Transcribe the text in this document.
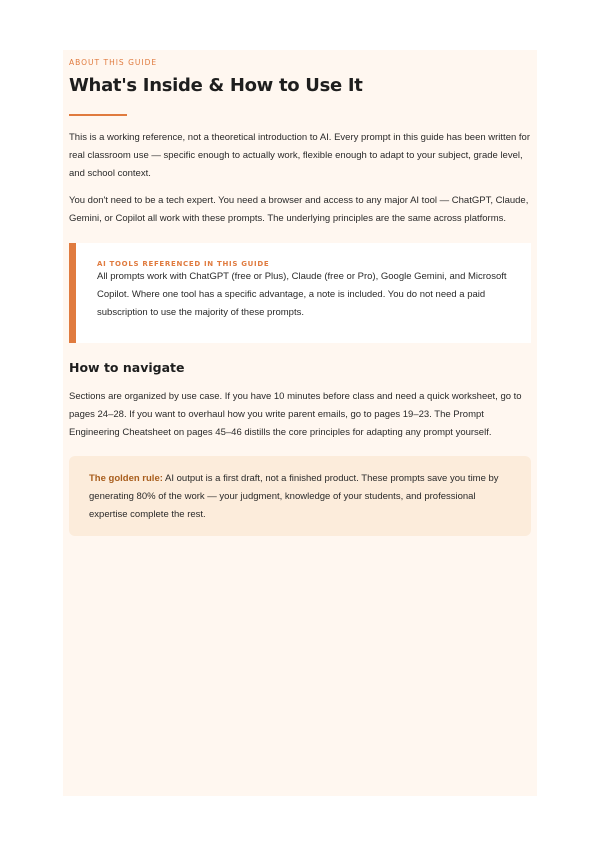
ABOUT THIS GUIDE
What's Inside & How to Use It

This is a working reference, not a theoretical introduction to AI. Every prompt in this guide has been written for real classroom use — specific enough to actually work, flexible enough to adapt to your subject, grade level, and school context.

You don't need to be a tech expert. You need a browser and access to any major AI tool — ChatGPT, Claude, Gemini, or Copilot all work with these prompts. The underlying principles are the same across platforms.

AI TOOLS REFERENCED IN THIS GUIDE

All prompts work with ChatGPT (free or Plus), Claude (free or Pro), Google Gemini, and Microsoft Copilot. Where one tool has a specific advantage, a note is included. You do not need a paid subscription to use the majority of these prompts.

How to navigate

Sections are organized by use case. If you have 10 minutes before class and need a quick worksheet, go to pages 24–28. If you want to overhaul how you write parent emails, go to pages 19–23. The Prompt Engineering Cheatsheet on pages 45–46 distills the core principles for adapting any prompt yourself.

The golden rule: AI output is a first draft, not a finished product. These prompts save you time by generating 80% of the work — your judgment, knowledge of your students, and professional expertise complete the rest.
